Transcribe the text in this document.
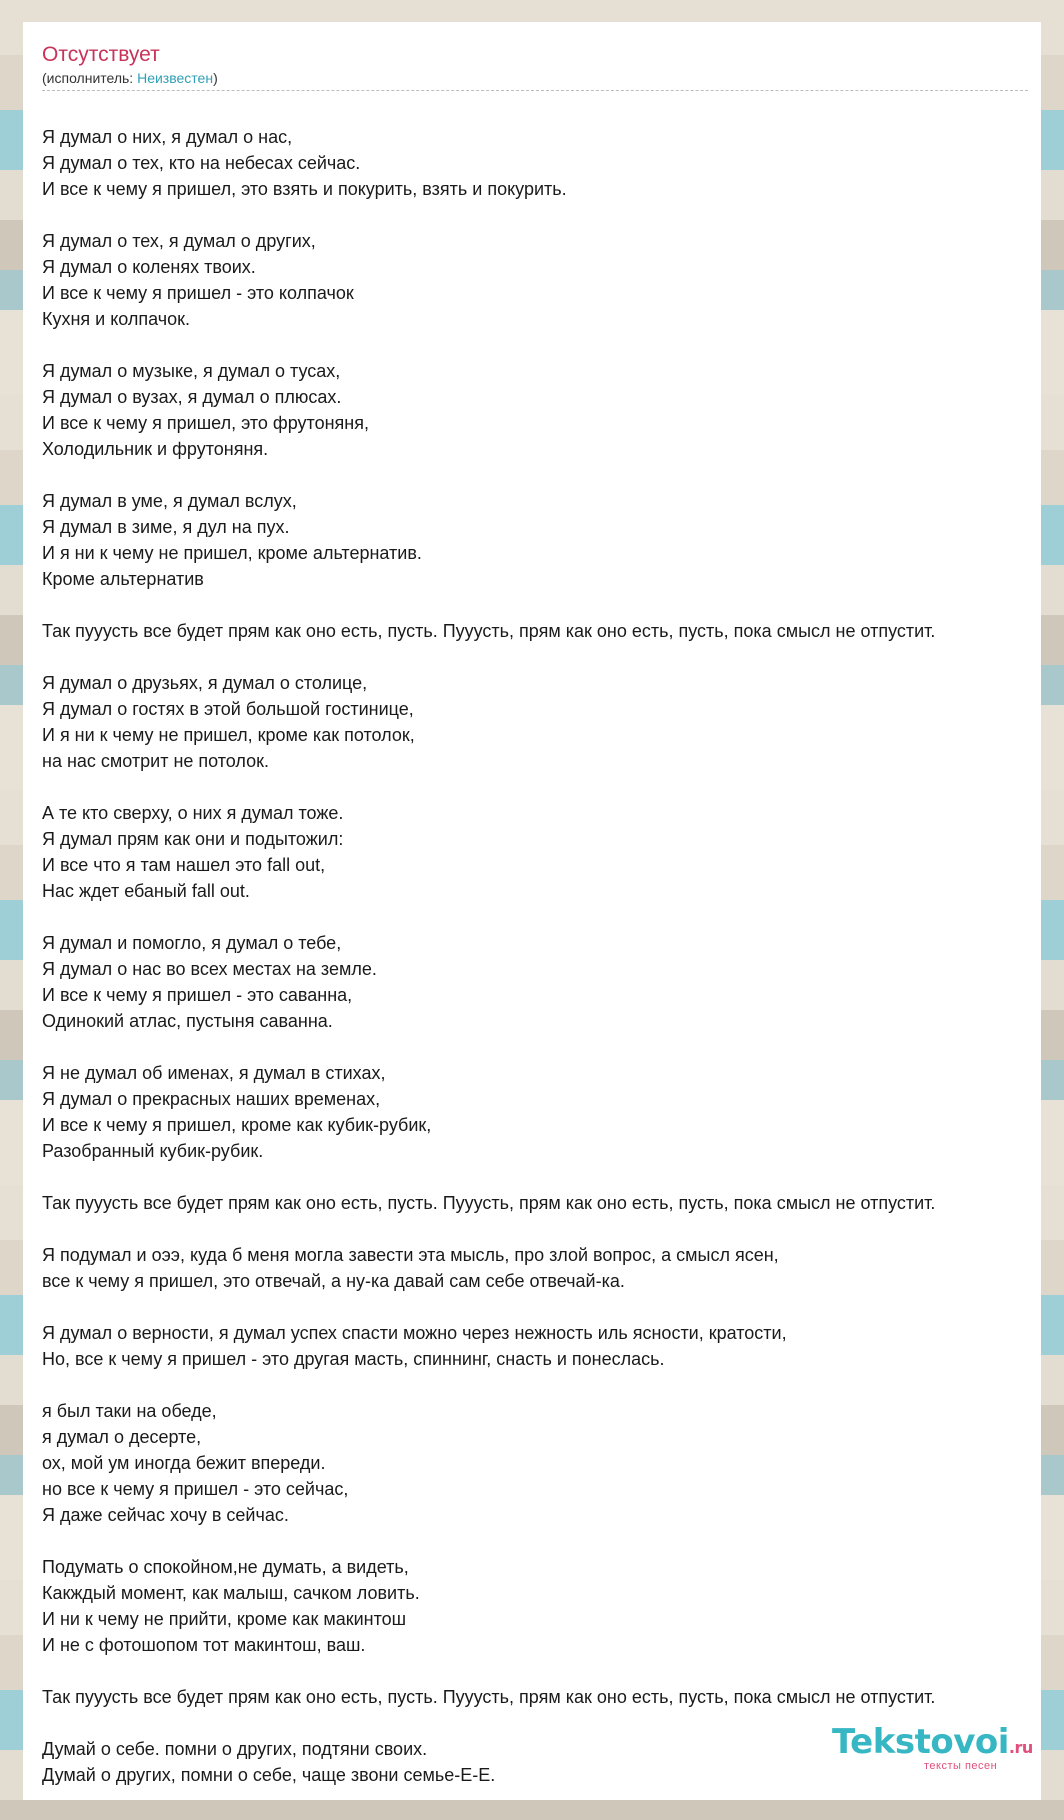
Отсутствует
(исполнитель: Неизвестен)
Я думал о них, я думал о нас,
Я думал о тех, кто на небесах сейчас.
И все к чему я пришел, это взять и покурить, взять и покурить.
Я думал о тех, я думал о других,
Я думал о коленях твоих.
И все к чему я пришел - это колпачок
Кухня и колпачок.
Я думал о музыке, я думал о тусах,
Я думал о вузах, я думал о плюсах.
И все к чему я пришел, это фрутоняня,
Холодильник и фрутоняня.
Я думал в уме, я думал вслух,
Я думал в зиме, я дул на пух.
И я ни к чему не пришел, кроме альтернатив.
Кроме альтернатив
Так пууусть все будет прям как оно есть, пусть. Пууусть, прям как оно есть, пусть, пока смысл не отпустит.
Я думал о друзьях, я думал о столице,
Я думал о гостях в этой большой гостинице,
И я ни к чему не пришел, кроме как потолок,
на нас смотрит не потолок.
А те кто сверху, о них я думал тоже.
Я думал прям как они и подытожил:
И все что я там нашел это fall out,
Нас ждет ебаный fall out.
Я думал и помогло, я думал о тебе,
Я думал о нас во всех местах на земле.
И все к чему я пришел - это саванна,
Одинокий атлас, пустыня саванна.
Я не думал об именах, я думал в стихах,
Я думал о прекрасных наших временах,
И все к чему я пришел, кроме как кубик-рубик,
Разобранный кубик-рубик.
Так пууусть все будет прям как оно есть, пусть. Пууусть, прям как оно есть, пусть, пока смысл не отпустит.
Я подумал и оээ, куда б меня могла завести эта мысль, про злой вопрос, а смысл ясен,
все к чему я пришел, это отвечай, а ну-ка давай сам себе отвечай-ка.
Я думал о верности, я думал успех спасти можно через нежность иль ясности, кратости,
Но, все к чему я пришел - это другая масть, спиннинг, снасть и понеслась.
я был таки на обеде,
я думал о десерте,
ох, мой ум иногда бежит впереди.
но все к чему я пришел - это сейчас,
Я даже сейчас хочу в сейчас.
Подумать о спокойном,не думать, а видеть,
Какждый момент, как малыш, сачком ловить.
И ни к чему не прийти, кроме как макинтош
И не с фотошопом тот макинтош, ваш.
Так пууусть все будет прям как оно есть, пусть. Пууусть, прям как оно есть, пусть, пока смысл не отпустит.
Думай о себе. помни о других, подтяни своих.
Думай о других, помни о себе, чаще звони семье-Е-Е.
Tekstovoi.ru
тексты песен
